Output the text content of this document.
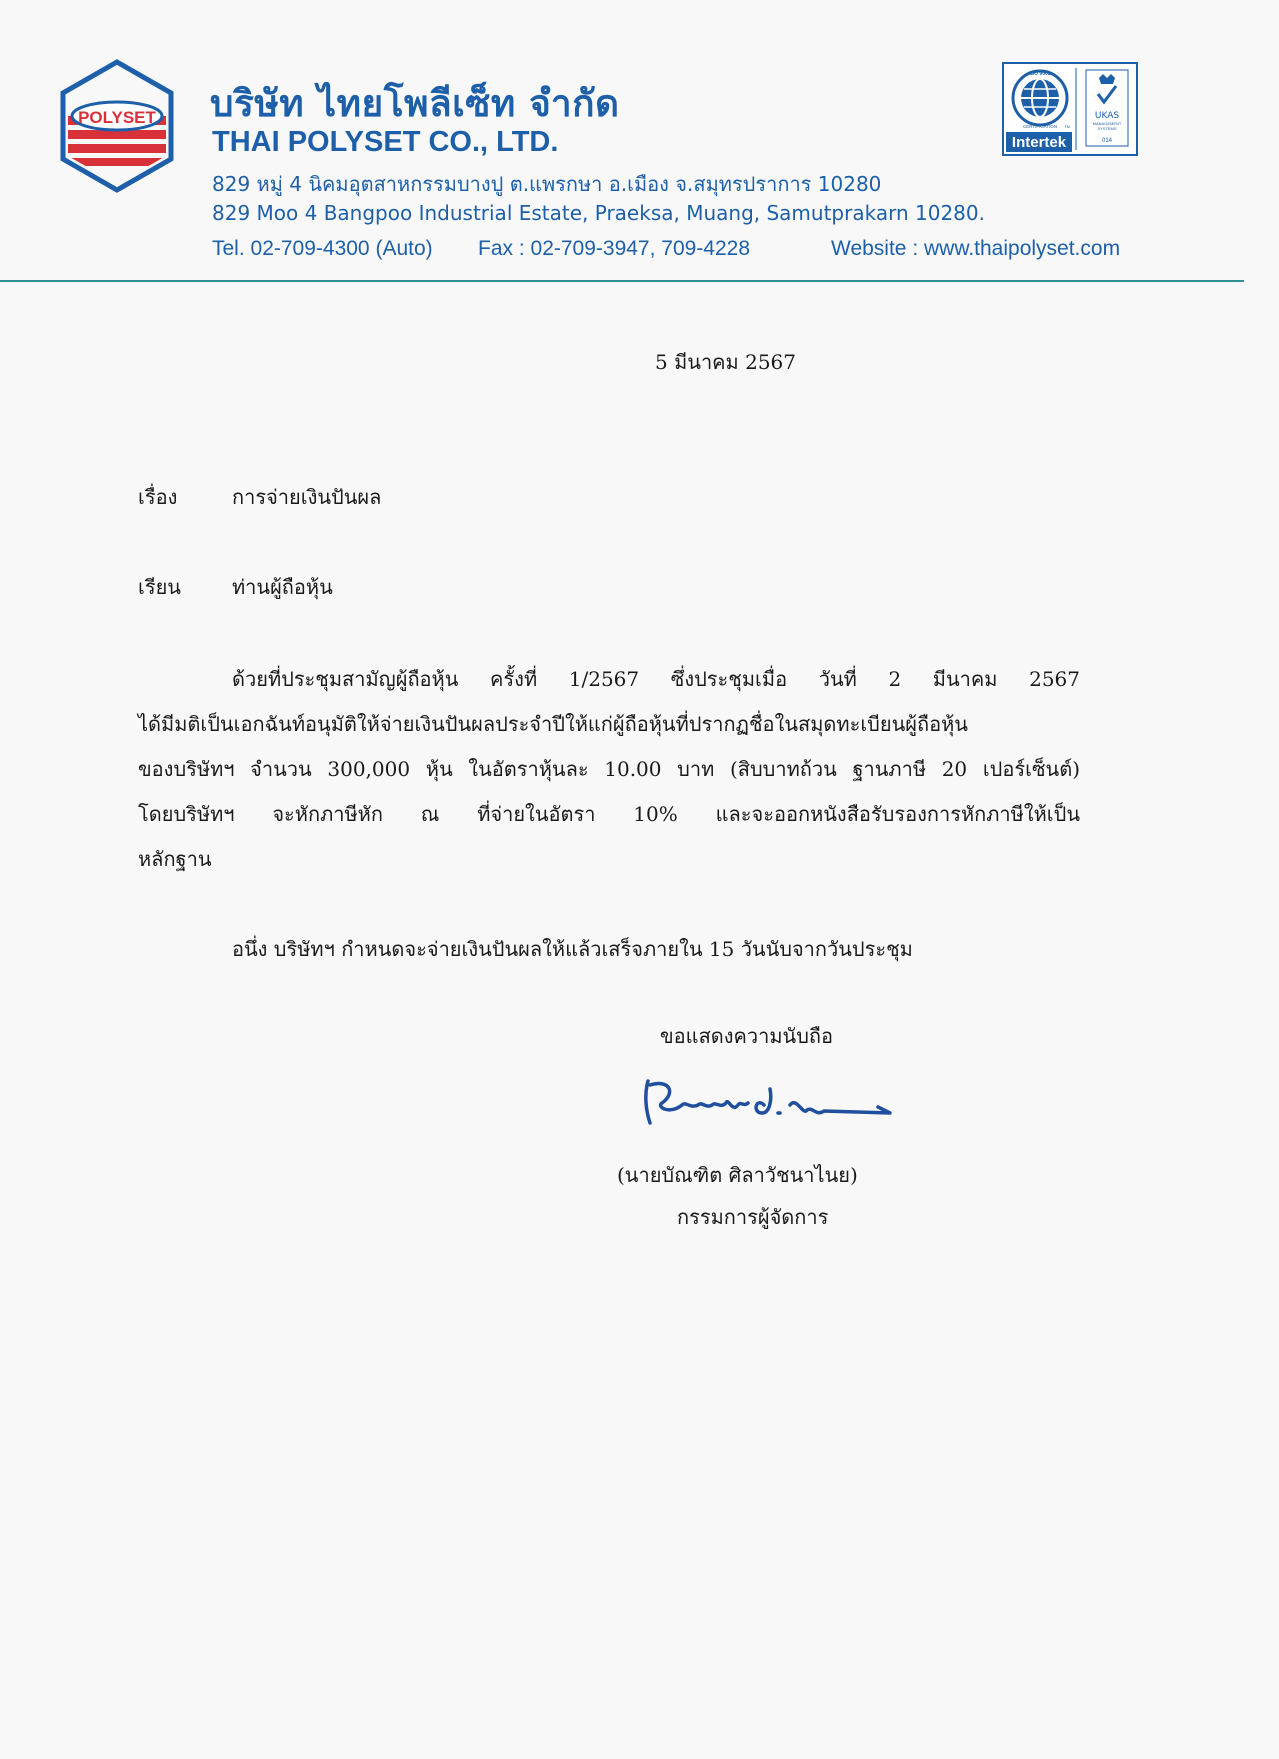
POLYSET บริษัท ไทยโพลีเซ็ท จำกัด
THAI POLYSET CO., LTD.
829 หมู่ 4 นิคมอุตสาหกรรมบางปู ต.แพรกษา อ.เมือง จ.สมุทรปราการ 10280
829 Moo 4 Bangpoo Industrial Estate, Praeksa, Muang, Samutprakarn 10280.
Tel. 02-709-4300 (Auto) Fax : 02-709-3947, 709-4228	Website : www.thaipolyset.com
ISO 9001
CERTIFICATION TM
Intertek
UKAS
MANAGEMENT
SYSTEMS
014
5 มีนาคม 2567
เรื่อง	การจ่ายเงินปันผล
เรียน	ท่านผู้ถือหุ้น
ด้วยที่ประชุมสามัญผู้ถือหุ้น ครั้งที่ 1/2567 ซึ่งประชุมเมื่อ วันที่ 2 มีนาคม 2567
ได้มีมติเป็นเอกฉันท์อนุมัติให้จ่ายเงินปันผลประจำปีให้แก่ผู้ถือหุ้นที่ปรากฏชื่อในสมุดทะเบียนผู้ถือหุ้น
ของบริษัทฯ จำนวน 300,000 หุ้น ในอัตราหุ้นละ 10.00 บาท (สิบบาทถ้วน ฐานภาษี 20 เปอร์เซ็นต์)
โดยบริษัทฯ จะหักภาษีหัก ณ ที่จ่ายในอัตรา 10% และจะออกหนังสือรับรองการหักภาษีให้เป็น
หลักฐาน
อนึ่ง บริษัทฯ กำหนดจะจ่ายเงินปันผลให้แล้วเสร็จภายใน 15 วันนับจากวันประชุม
ขอแสดงความนับถือ
(นายบัณฑิต ศิลาวัชนาไนย)
กรรมการผู้จัดการ
